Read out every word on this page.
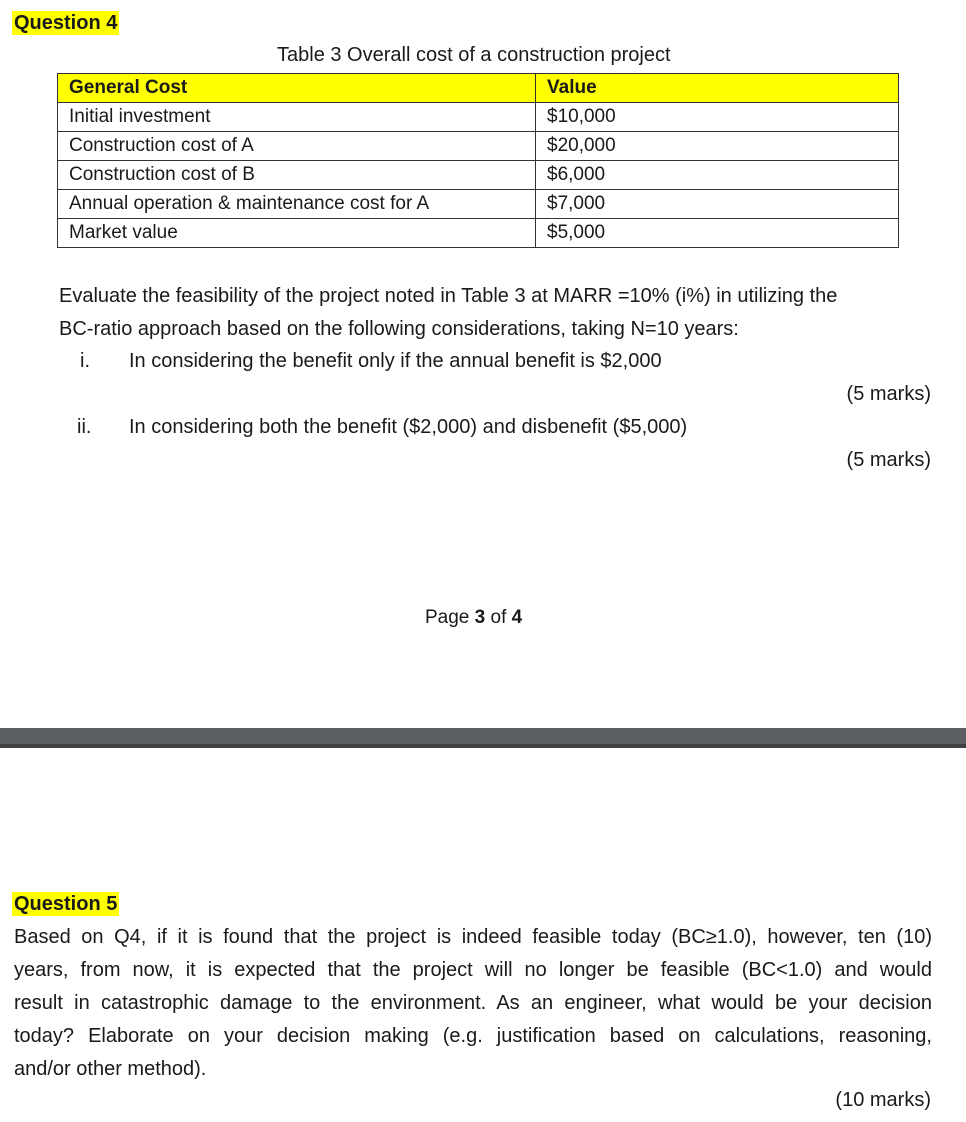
Question 4
Table 3 Overall cost of a construction project
General Cost	Value
Initial investment	$10,000
Construction cost of A	$20,000
Construction cost of B	$6,000
Annual operation & maintenance cost for A	$7,000
Market value	$5,000
Evaluate the feasibility of the project noted in Table 3 at MARR =10% (i%) in utilizing the
BC-ratio approach based on the following considerations, taking N=10 years:
i.	In considering the benefit only if the annual benefit is $2,000
(5 marks)
ii.	In considering both the benefit ($2,000) and disbenefit ($5,000)
(5 marks)
Page 3 of 4
Question 5
Based on Q4, if it is found that the project is indeed feasible today (BC≥1.0), however, ten (10)
years, from now, it is expected that the project will no longer be feasible (BC<1.0) and would
result in catastrophic damage to the environment. As an engineer, what would be your decision
today? Elaborate on your decision making (e.g. justification based on calculations, reasoning,
and/or other method).
(10 marks)
